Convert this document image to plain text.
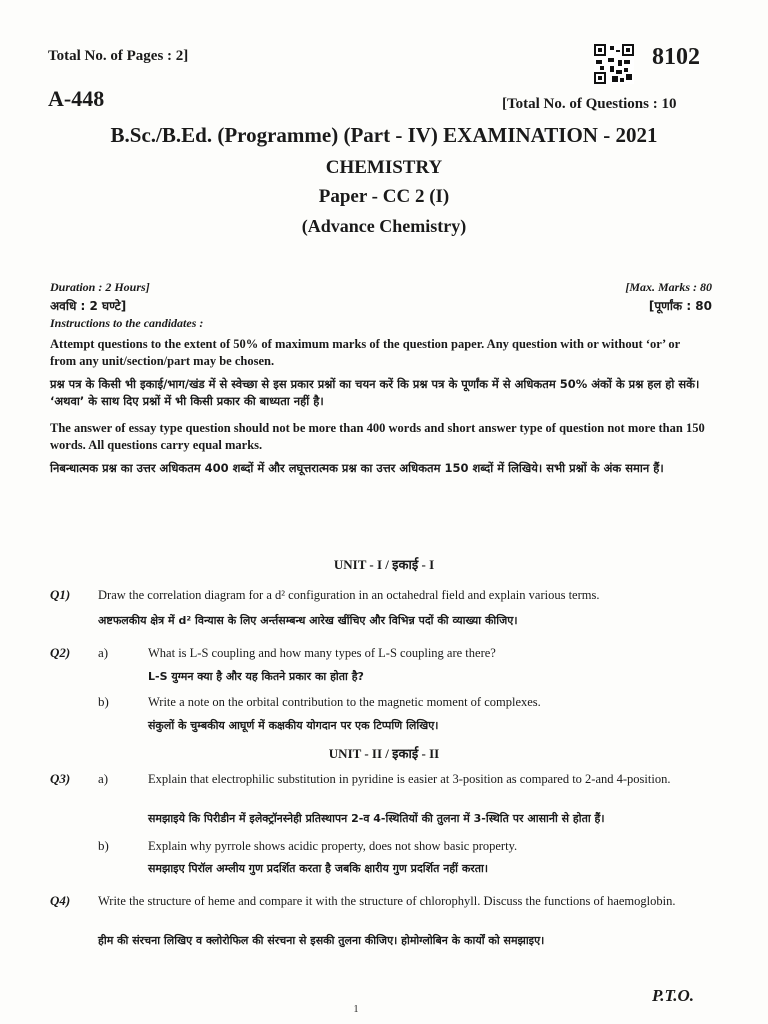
Total No. of Pages : 2]
A-448
8102
[Total No. of Questions : 10
B.Sc./B.Ed. (Programme) (Part - IV) EXAMINATION - 2021
CHEMISTRY
Paper - CC 2 (I)
(Advance Chemistry)
Duration : 2 Hours]
अवधि : 2 घण्टे]
[Max. Marks : 80
[पूर्णांक : 80
Instructions to the candidates :
Attempt questions to the extent of 50% of maximum marks of the question paper. Any question with or without ‘or’ or from any unit/section/part may be chosen.
प्रश्न पत्र के किसी भी इकाई/भाग/खंड में से स्वेच्छा से इस प्रकार प्रश्नों का चयन करें कि प्रश्न पत्र के पूर्णांक में से अधिकतम 50% अंकों के प्रश्न हल हो सकें। ‘अथवा’ के साथ दिए प्रश्नों में भी किसी प्रकार की बाध्यता नहीं है।
The answer of essay type question should not be more than 400 words and short answer type of question not more than 150 words. All questions carry equal marks.
निबन्धात्मक प्रश्न का उत्तर अधिकतम 400 शब्दों में और लघूत्तरात्मक प्रश्न का उत्तर अधिकतम 150 शब्दों में लिखिये। सभी प्रश्नों के अंक समान हैं।
UNIT - I / इकाई - I
Q1) Draw the correlation diagram for a d² configuration in an octahedral field and explain various terms.
अष्टफलकीय क्षेत्र में d² विन्यास के लिए अर्न्तसम्बन्ध आरेख खींचिए और विभिन्न पदों की व्याख्या कीजिए।
Q2) a)	What is L-S coupling and how many types of L-S coupling are there?
L-S युग्मन क्या है और यह कितने प्रकार का होता है?
b)	Write a note on the orbital contribution to the magnetic moment of complexes.
संकुलों के चुम्बकीय आघूर्ण में कक्षकीय योगदान पर एक टिप्पणि लिखिए।
UNIT - II / इकाई - II
Q3) a)	Explain that electrophilic substitution in pyridine is easier at 3-position as compared to 2-and 4-position.
समझाइये कि पिरीडीन में इलेक्ट्रॉनस्नेही प्रतिस्थापन 2-व 4-स्थितियों की तुलना में 3-स्थिति पर आसानी से होता हैं।
b)	Explain why pyrrole shows acidic property, does not show basic property.
समझाइए पिरॉल अम्लीय गुण प्रदर्शित करता है जबकि क्षारीय गुण प्रदर्शित नहीं करता।
Q4) Write the structure of heme and compare it with the structure of chlorophyll. Discuss the functions of haemoglobin.
हीम की संरचना लिखिए व क्लोरोफिल की संरचना से इसकी तुलना कीजिए। होमोग्लोबिन के कार्यों को समझाइए।
P.T.O.
1
